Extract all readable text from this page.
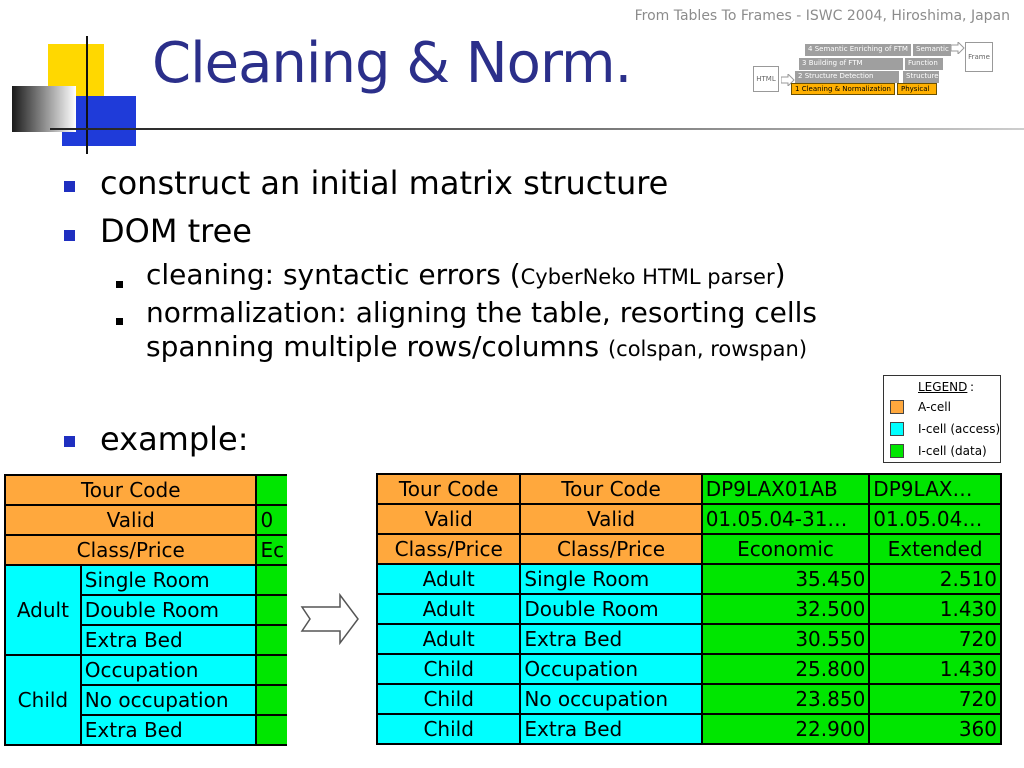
From Tables To Frames - ISWC 2004, Hiroshima, Japan
Cleaning & Norm.	HTML
4 Semantic Enriching of FTM	Semantic
3 Building of FTM	Function
2 Structure Detection	Structure
1 Cleaning & Normalization	Physical
Frame
construct an initial matrix structure
DOM tree
cleaning: syntactic errors (CyberNeko HTML parser)
normalization: aligning the table, resorting cells
spanning multiple rows/columns (colspan, rowspan)
example:
LEGEND :
A-cell
I-cell (access)
I-cell (data)
Tour Code		
Valid		0
Class/Price		Ec
Adult	Single Room	
	Double Room	
	Extra Bed	
Child	Occupation	
	No occupation	
	Extra Bed	
Tour Code	Tour Code	DP9LAX01AB	DP9LAX…
Valid	Valid	01.05.04-31…	01.05.04…
Class/Price	Class/Price	Economic	Extended
Adult	Single Room	35.450	2.510
Adult	Double Room	32.500	1.430
Adult	Extra Bed	30.550	720
Child	Occupation	25.800	1.430
Child	No occupation	23.850	720
Child	Extra Bed	22.900	360
